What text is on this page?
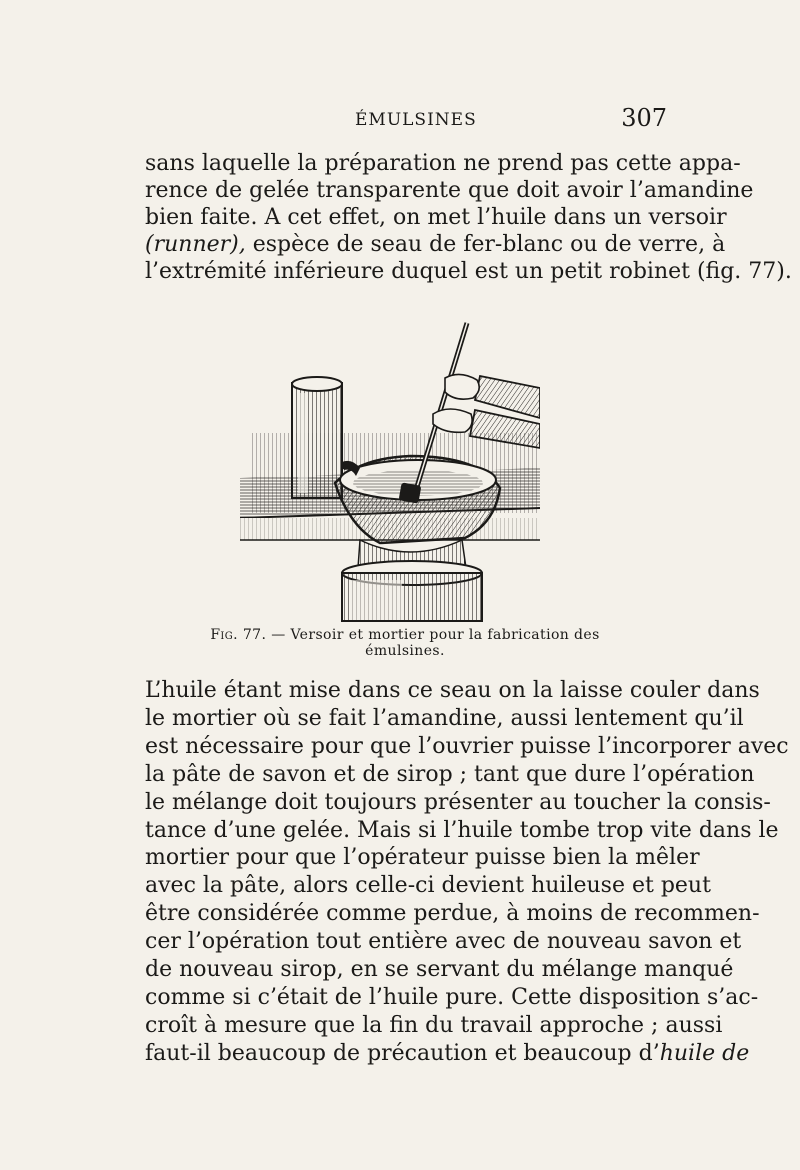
ÉMULSINES	307
sans laquelle la préparation ne prend pas cette appa-
rence de gelée transparente que doit avoir l’amandine
bien faite. A cet effet, on met l’huile dans un versoir
(runner), espèce de seau de fer-blanc ou de verre, à
l’extrémité inférieure duquel est un petit robinet (fig. 77).
Fig. 77. — Versoir et mortier pour la fabrication des émulsines.
L’huile étant mise dans ce seau on la laisse couler dans
le mortier où se fait l’amandine, aussi lentement qu’il
est nécessaire pour que l’ouvrier puisse l’incorporer avec
la pâte de savon et de sirop ; tant que dure l’opération
le mélange doit toujours présenter au toucher la consis-
tance d’une gelée. Mais si l’huile tombe trop vite dans le
mortier pour que l’opérateur puisse bien la mêler
avec la pâte, alors celle-ci devient huileuse et peut
être considérée comme perdue, à moins de recommen-
cer l’opération tout entière avec de nouveau savon et
de nouveau sirop, en se servant du mélange manqué
comme si c’était de l’huile pure. Cette disposition s’ac-
croît à mesure que la fin du travail approche ; aussi
faut-il beaucoup de précaution et beaucoup d’huile de
